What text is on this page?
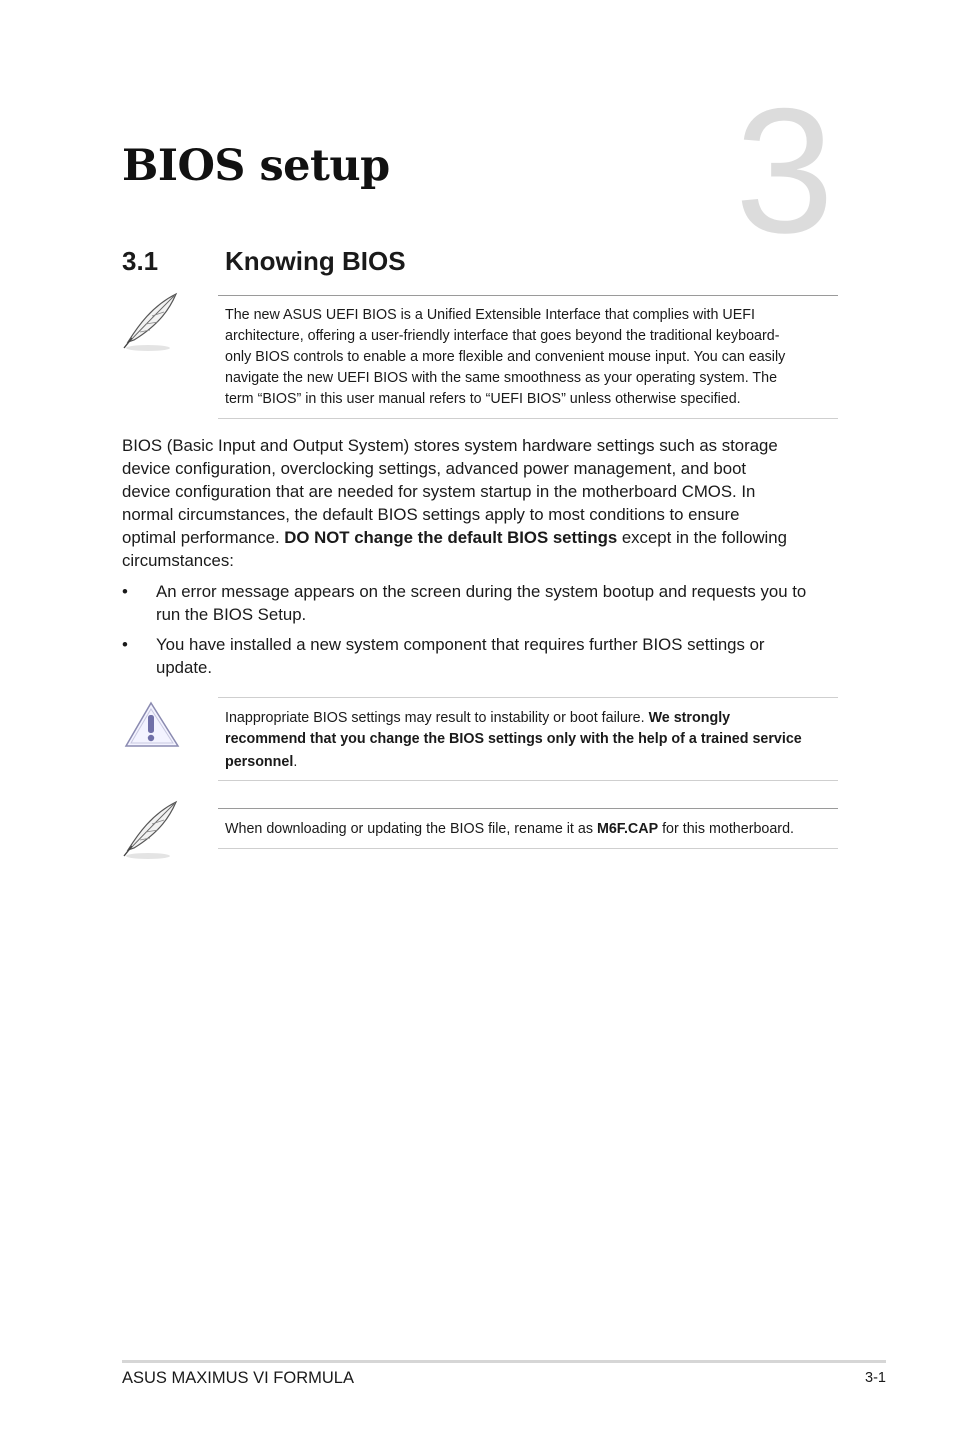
3
BIOS setup
3.1	Knowing BIOS
The new ASUS UEFI BIOS is a Unified Extensible Interface that complies with UEFI
architecture, offering a user-friendly interface that goes beyond the traditional keyboard-
only BIOS controls to enable a more flexible and convenient mouse input. You can easily
navigate the new UEFI BIOS with the same smoothness as your operating system. The
term “BIOS” in this user manual refers to “UEFI BIOS” unless otherwise specified.
BIOS (Basic Input and Output System) stores system hardware settings such as storage
device configuration, overclocking settings, advanced power management, and boot
device configuration that are needed for system startup in the motherboard CMOS. In
normal circumstances, the default BIOS settings apply to most conditions to ensure
optimal performance. DO NOT change the default BIOS settings except in the following
circumstances:
•	An error message appears on the screen during the system bootup and requests you to
run the BIOS Setup.
•	You have installed a new system component that requires further BIOS settings or
update.
Inappropriate BIOS settings may result to instability or boot failure. We strongly
recommend that you change the BIOS settings only with the help of a trained service
personnel.
When downloading or updating the BIOS file, rename it as M6F.CAP for this motherboard.
ASUS MAXIMUS VI FORMULA	3-1
